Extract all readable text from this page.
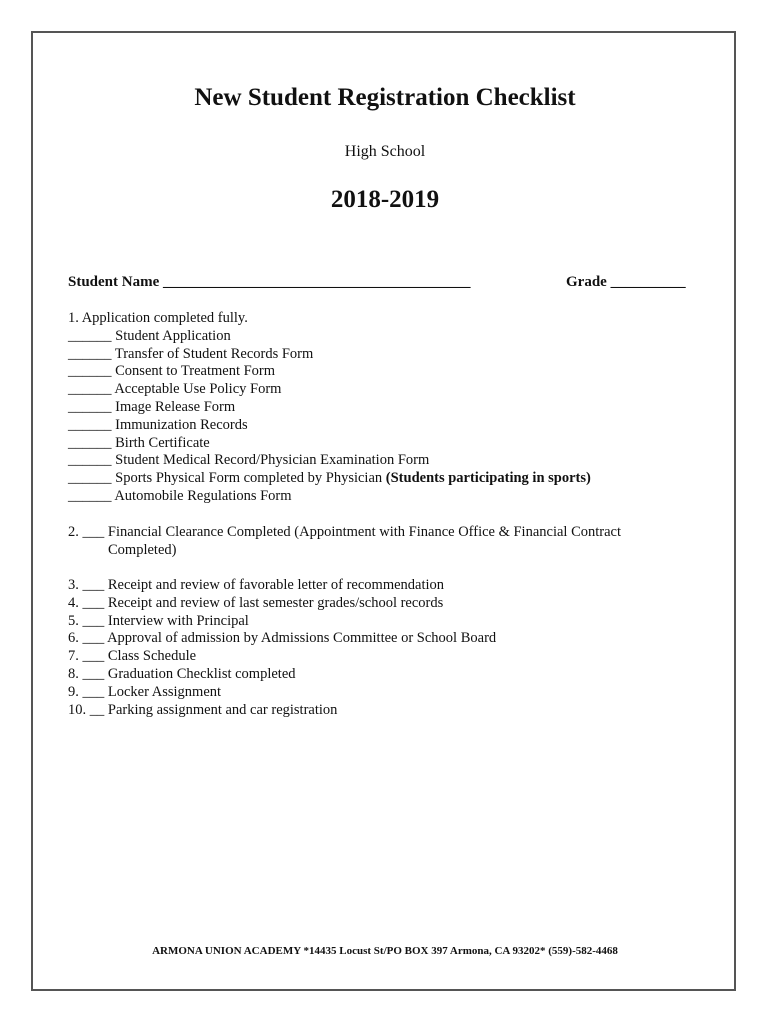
New Student Registration Checklist
High School
2018-2019
Student Name _________________________________________	Grade __________
1. Application completed fully.
______ Student Application
______ Transfer of Student Records Form
______ Consent to Treatment Form
______ Acceptable Use Policy Form
______ Image Release Form
______ Immunization Records
______ Birth Certificate
______ Student Medical Record/Physician Examination Form
______ Sports Physical Form completed by Physician (Students participating in sports)
______ Automobile Regulations Form
2. ___ Financial Clearance Completed (Appointment with Finance Office & Financial Contract
Completed)
3. ___ Receipt and review of favorable letter of recommendation
4. ___ Receipt and review of last semester grades/school records
5. ___ Interview with Principal
6. ___ Approval of admission by Admissions Committee or School Board
7. ___ Class Schedule
8. ___ Graduation Checklist completed
9. ___ Locker Assignment
10. __ Parking assignment and car registration
ARMONA UNION ACADEMY *14435 Locust St/PO BOX 397 Armona, CA 93202* (559)-582-4468
